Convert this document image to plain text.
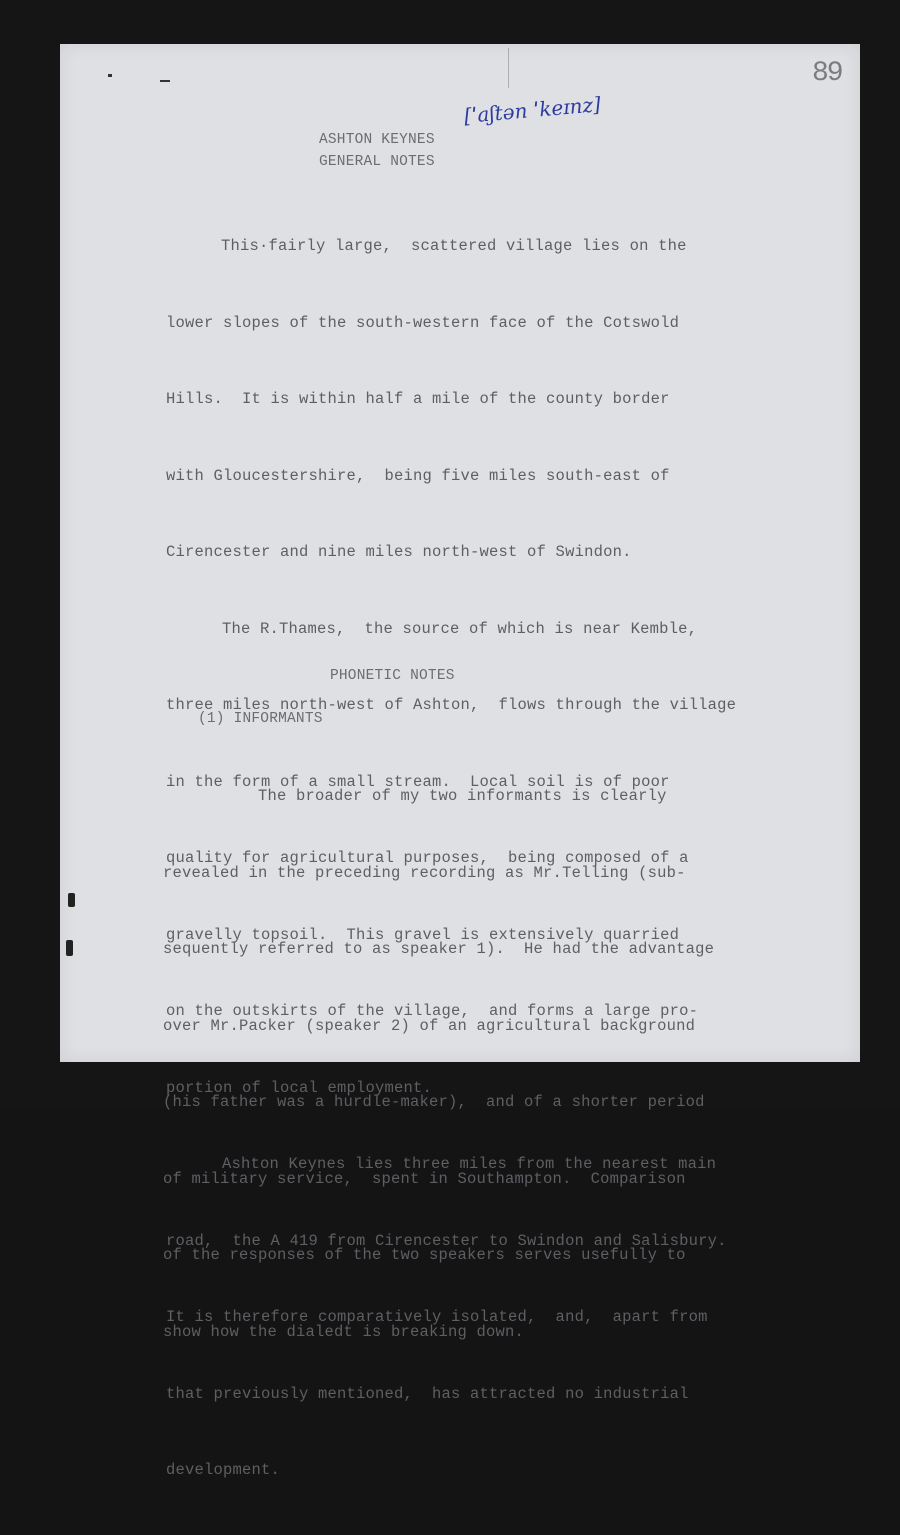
89
ASHTON KEYNES
[ˈaʃtən ˈkeɪnz]
GENERAL NOTES

This·fairly large,  scattered village lies on the

lower slopes of the south-western face of the Cotswold

Hills.  It is within half a mile of the county border

with Gloucestershire,  being five miles south-east of

Cirencester and nine miles north-west of Swindon.

The R.Thames,  the source of which is near Kemble,

three miles north-west of Ashton,  flows through the village

in the form of a small stream.  Local soil is of poor

quality for agricultural purposes,  being composed of a

gravelly topsoil.  This gravel is extensively quarried

on the outskirts of the village,  and forms a large pro-

portion of local employment.

Ashton Keynes lies three miles from the nearest main

road,  the A 419 from Cirencester to Swindon and Salisbury.

It is therefore comparatively isolated,  and,  apart from

that previously mentioned,  has attracted no industrial

development.

PHONETIC NOTES
(1) INFORMANTS

The broader of my two informants is clearly

revealed in the preceding recording as Mr.Telling (sub-

sequently referred to as speaker 1).  He had the advantage

over Mr.Packer (speaker 2) of an agricultural background

(his father was a hurdle-maker),  and of a shorter period

of military service,  spent in Southampton.  Comparison

of the responses of the two speakers serves usefully to

show how the dialedt is breaking down.
